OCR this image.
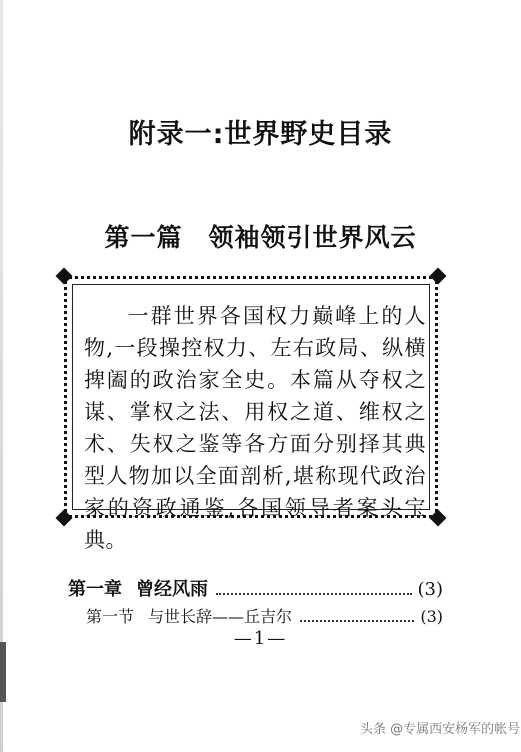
附录一:世界野史目录
第一篇 领袖领引世界风云
一群世界各国权力巅峰上的人物,一段操控权力、左右政局、纵横捭阖的政治家全史。本篇从夺权之谋、掌权之法、用权之道、维权之术、失权之鉴等各方面分别择其典型人物加以全面剖析,堪称现代政治家的资政通鉴,各国领导者案头宝典。
第一章 曾经风雨	(3)
第一节 与世长辞——丘吉尔	(3)
—1—
头条 @专属西安杨军的帐号
